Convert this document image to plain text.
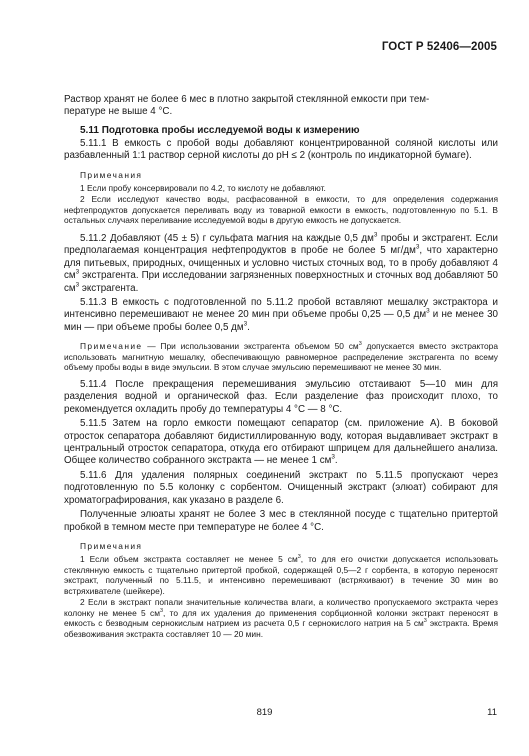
ГОСТ Р 52406—2005

Раствор хранят не более 6 мес в плотно закрытой стеклянной емкости при тем-
пературе не выше 4 °С.

5.11 Подготовка пробы исследуемой воды к измерению

5.11.1 В емкость с пробой воды добавляют концентрированной соляной кислоты или разбавленный 1:1 раствор серной кислоты до pH ≤ 2 (контроль по индикаторной бумаге).

Примечания

1 Если пробу консервировали по 4.2, то кислоту не добавляют.

2 Если исследуют качество воды, расфасованной в емкости, то для определения содержания нефтепродуктов допускается переливать воду из товарной емкости в емкость, подготовленную по 5.1. В остальных случаях переливание исследуемой воды в другую емкость не допускается.

5.11.2 Добавляют (45 ± 5) г сульфата магния на каждые 0,5 $дм^3$ пробы и экстрагент. Если предполагаемая концентрация нефтепродуктов в пробе не более 5 $мг/дм^3$, что характерно для питьевых, природных, очищенных и условно чистых сточных вод, то в пробу добавляют 4 $см^3$ экстрагента. При исследовании загрязненных поверхностных и сточных вод добавляют 50 $см^3$ экстрагента.

5.11.3 В емкость с подготовленной по 5.11.2 пробой вставляют мешалку экстрактора и интенсивно перемешивают не менее 20 мин при объеме пробы 0,25 — 0,5 $дм^3$ и не менее 30 мин — при объеме пробы более 0,5 $дм^3$.

Примечание — При использовании экстрагента объемом 50 $см^3$ допускается вместо экстрактора использовать магнитную мешалку, обеспечивающую равномерное распределение экстрагента по всему объему пробы воды в виде эмульсии. В этом случае эмульсию перемешивают не менее 30 мин.

5.11.4 После прекращения перемешивания эмульсию отстаивают 5—10 мин для разделения водной и органической фаз. Если разделение фаз происходит плохо, то рекомендуется охладить пробу до температуры 4 °С — 8 °С.

5.11.5 Затем на горло емкости помещают сепаратор (см. приложение А). В боковой отросток сепаратора добавляют бидистиллированную воду, которая выдавливает экстракт в центральный отросток сепаратора, откуда его отбирают шприцем для дальнейшего анализа. Общее количество собранного экстракта — не менее 1 $см^3$.

5.11.6 Для удаления полярных соединений экстракт по 5.11.5 пропускают через подготовленную по 5.5 колонку с сорбентом. Очищенный экстракт (элюат) собирают для хроматографирования, как указано в разделе 6.

Полученные элюаты хранят не более 3 мес в стеклянной посуде с тщательно притертой пробкой в темном месте при температуре не более 4 °С.

Примечания

1 Если объем экстракта составляет не менее 5 $см^3$, то для его очистки допускается использовать стеклянную емкость с тщательно притертой пробкой, содержащей 0,5—2 г сорбента, в которую переносят экстракт, полученный по 5.11.5, и интенсивно перемешивают (встряхивают) в течение 30 мин во встряхивателе (шейкере).

2 Если в экстракт попали значительные количества влаги, а количество пропускаемого экстракта через колонку не менее 5 $см^3$, то для их удаления до применения сорбционной колонки экстракт переносят в емкость с безводным сернокислым натрием из расчета 0,5 г сернокислого натрия на 5 $см^3$ экстракта. Время обезвоживания экстракта составляет 10 — 20 мин.

819	11
